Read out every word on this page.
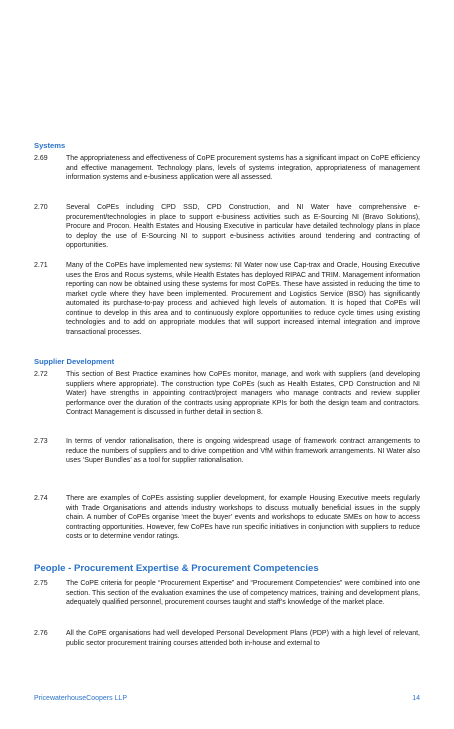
Systems
2.69	The appropriateness and effectiveness of CoPE procurement systems has a significant impact on CoPE efficiency and effective management. Technology plans, levels of systems integration, appropriateness of management information systems and e-business application were all assessed.
2.70	Several CoPEs including CPD SSD, CPD Construction, and NI Water have comprehensive e-procurement/technologies in place to support e-business activities such as E-Sourcing NI (Bravo Solutions), Procure and Procon. Health Estates and Housing Executive in particular have detailed technology plans in place to deploy the use of E-Sourcing NI to support e-business activities around tendering and contracting of opportunities.
2.71	Many of the CoPEs have implemented new systems: NI Water now use Cap-trax and Oracle, Housing Executive uses the Eros and Rocus systems, while Health Estates has deployed RIPAC and TRIM. Management information reporting can now be obtained using these systems for most CoPEs. These have assisted in reducing the time to market cycle where they have been implemented. Procurement and Logistics Service (BSO) has significantly automated its purchase-to-pay process and achieved high levels of automation. It is hoped that CoPEs will continue to develop in this area and to continuously explore opportunities to reduce cycle times using existing technologies and to add on appropriate modules that will support increased internal integration and improve transactional processes.
Supplier Development
2.72	This section of Best Practice examines how CoPEs monitor, manage, and work with suppliers (and developing suppliers where appropriate). The construction type CoPEs (such as Health Estates, CPD Construction and NI Water) have strengths in appointing contract/project managers who manage contracts and review supplier performance over the duration of the contracts using appropriate KPIs for both the design team and contractors. Contract Management is discussed in further detail in section 8.
2.73	In terms of vendor rationalisation, there is ongoing widespread usage of framework contract arrangements to reduce the numbers of suppliers and to drive competition and VfM within framework arrangements. NI Water also uses ‘Super Bundles’ as a tool for supplier rationalisation.
2.74	There are examples of CoPEs assisting supplier development, for example Housing Executive meets regularly with Trade Organisations and attends industry workshops to discuss mutually beneficial issues in the supply chain. A number of CoPEs organise ‘meet the buyer’ events and workshops to educate SMEs on how to access contracting opportunities. However, few CoPEs have run specific initiatives in conjunction with suppliers to reduce costs or to determine vendor ratings.
People - Procurement Expertise & Procurement Competencies
2.75	The CoPE criteria for people “Procurement Expertise” and “Procurement Competencies” were combined into one section. This section of the evaluation examines the use of competency matrices, training and development plans, adequately qualified personnel, procurement courses taught and staff’s knowledge of the market place.
2.76	All the CoPE organisations had well developed Personal Development Plans (PDP) with a high level of relevant, public sector procurement training courses attended both in-house and external to
PricewaterhouseCoopers LLP	14
